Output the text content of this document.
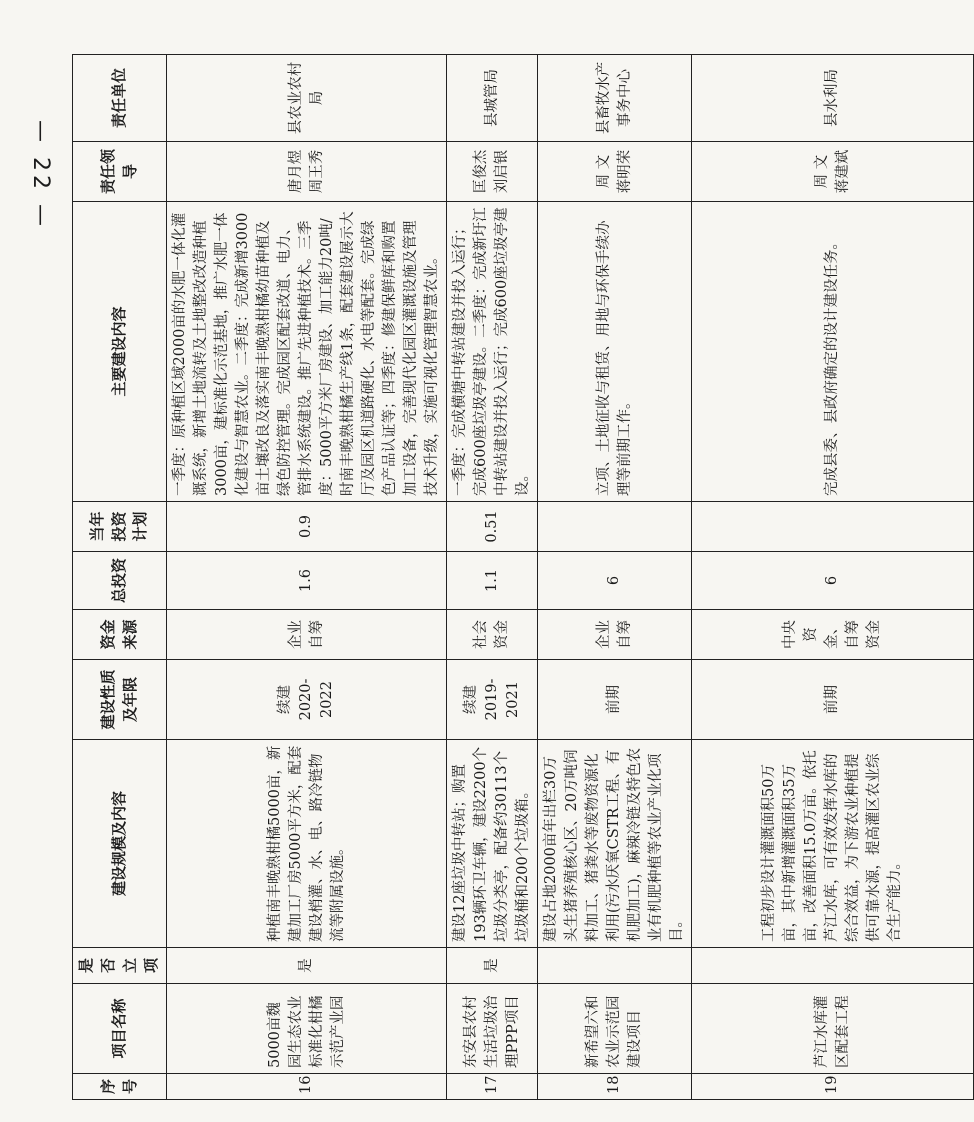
— 22 —
序号	项目名称	是否立项	建设规模及内容	建设性质及年限	资金来源	总投资	当年投资计划	主要建设内容	责任领导	责任单位
16	5000亩魏园生态农业标准化柑橘示范产业园	是	种植南丰晚熟柑橘5000亩，新建加工厂房5000平方米，配套建设梢灌、水、电、路冷链物流等附属设施。	续建 2020-2022	企业自筹	1.6	0.9	一季度：原种植区域2000亩的水肥一体化灌溉系统，新增土地流转及土地整改改造种植3000亩，建标准化示范基地，推广水肥一体化建设与智慧农业。二季度：完成新增3000亩土壤改良及落实南丰晚熟柑橘幼苗种植及绿色防控管理。完成园区配套改道、电力、管排水系统建设。推广先进种植技术。三季度：5000平方米厂房建设、加工能力20吨/时南丰晚熟柑橘生产线1条，配套建设展示大厅及园区机道路硬化、水电等配套。完成绿色产品认证等；四季度：修建保鲜库和购置加工设备，完善现代化园区灌溉设施及管理技术升级，实施可视化管理智慧农业。	唐月煜 周王秀	县农业农村局
17	东安县农村生活垃圾治理PPP项目	是	建设12座垃圾中转站；购置193辆环卫车辆，建设2200个垃圾分类亭，配备约30113个垃圾桶和200个垃圾箱。	续建 2019-2021	社会资金	1.1	0.51	一季度：完成横塘中转站建设并投入运行；完成600座垃圾亭建设。二季度：完成新圩江中转站建设并投入运行；完成600座垃圾亭建设。	匡俊杰 刘启银	县城管局
18	新希望六和农业示范园建设项目		建设占地2000亩年出栏30万头生猪养殖核心区、20万吨饲料加工、猪粪水等废物资源化利用(污水厌氧CSTR工程、有机肥加工)，麻辣冷链及特色农业有机肥种植等农业产业化项目。	前期	企业自筹	6		立项、土地征收与租赁、用地与环保手续办理等前期工作。	周 文 蒋明荣	县畜牧水产事务中心
19	芦江水库灌区配套工程		工程初步设计灌溉面积50万亩，其中新增灌溉面积35万亩，改善面积15.0万亩。依托芦江水库，可有效发挥水库的综合效益，为下游农业种植提供可靠水源，提高灌区农业综合生产能力。	前期	中央资金、自筹资金	6		完成县委、县政府确定的设计建设任务。	周 文 蒋建斌	县水利局
